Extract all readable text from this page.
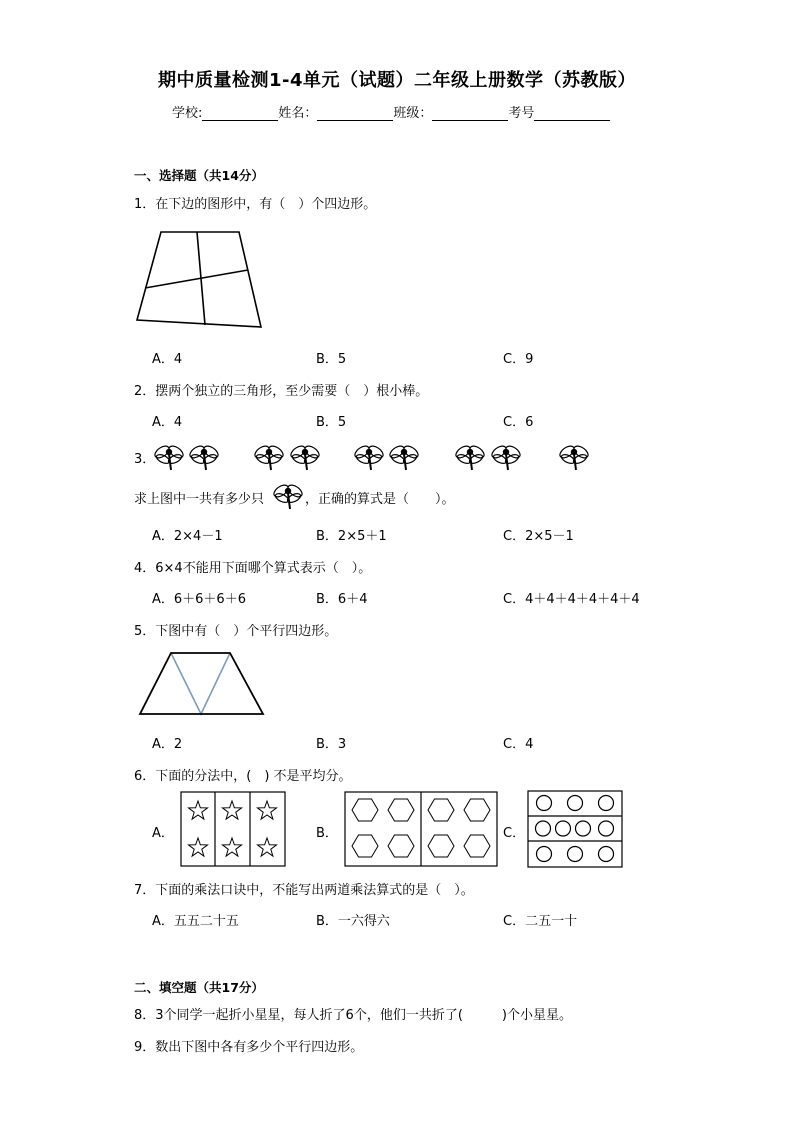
期中质量检测1-4单元（试题）二年级上册数学（苏教版）
学校:	姓名：	班级：	考号
一、选择题（共14分）
1．在下边的图形中，有（　）个四边形。
A．4	B．5	C．9
2．摆两个独立的三角形，至少需要（　）根小棒。
A．4	B．5	C．6
3．
求上图中一共有多少只	，正确的算式是（　　）。
A．2×4－1	B．2×5＋1	C．2×5－1
4．6×4不能用下面哪个算式表示（　）。
A．6＋6＋6＋6	B．6＋4	C．4＋4＋4＋4＋4＋4
5．下图中有（　）个平行四边形。
A．2	B．3	C．4
6．下面的分法中，(　) 不是平均分。
A．	B．	C．
7．下面的乘法口诀中，不能写出两道乘法算式的是（　）。
A．五五二十五	B．一六得六	C．二五一十
二、填空题（共17分）
8．3个同学一起折小星星，每人折了6个，他们一共折了(　　　)个小星星。
9．数出下图中各有多少个平行四边形。
